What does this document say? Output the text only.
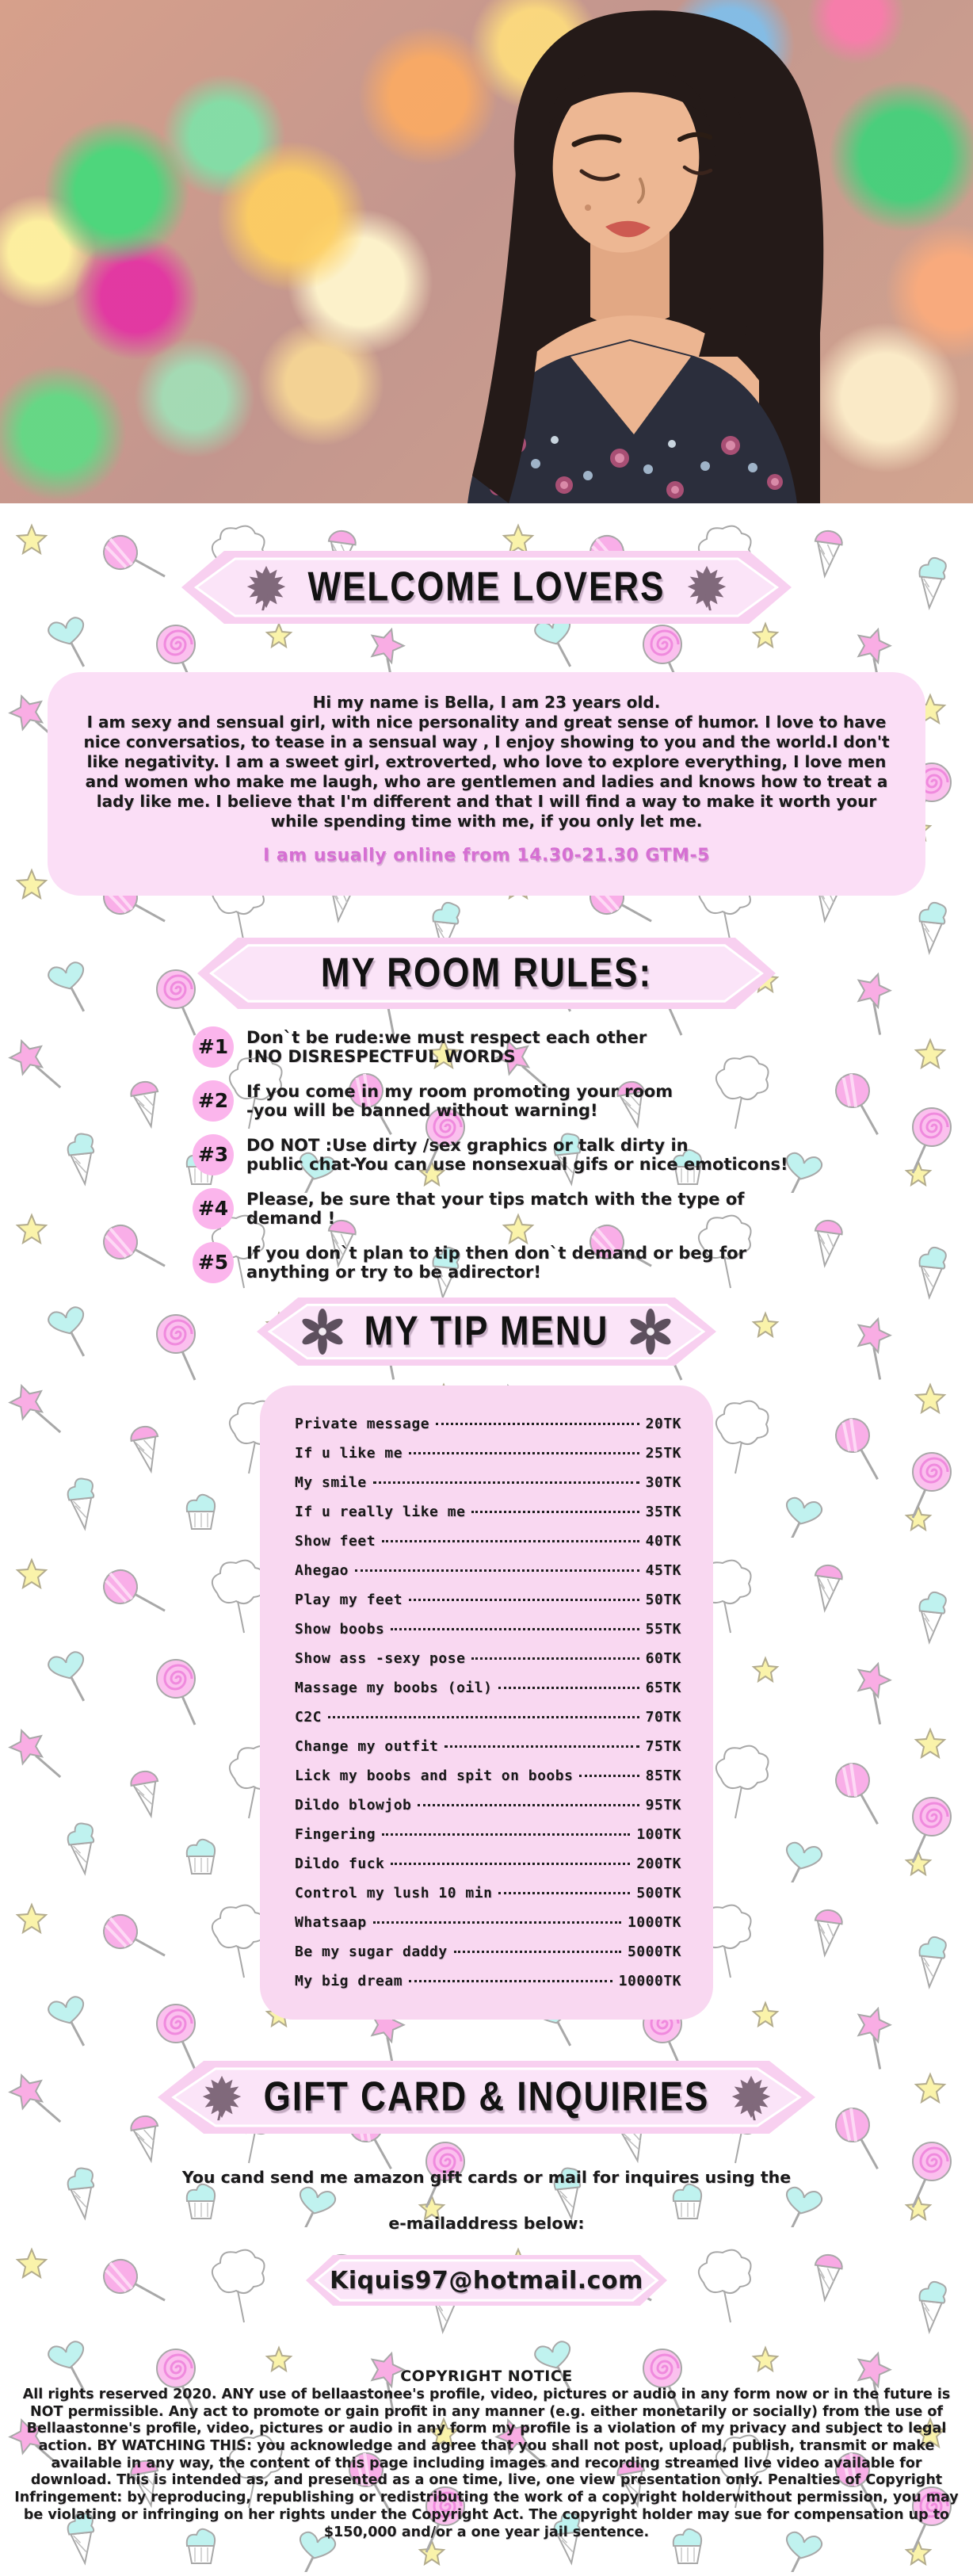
WELCOME LOVERS
Hi my name is Bella, I am 23 years old.
I am sexy and sensual girl, with nice personality and great sense of humor. I love to have nice conversatios, to tease in a sensual way , I enjoy showing to you and the world.I don't like negativity. I am a sweet girl, extroverted, who love to explore everything, I love men and women who make me laugh, who are gentlemen and ladies and knows how to treat a lady like me. I believe that I'm different and that I will find a way to make it worth your while spending time with me, if you only let me.
I am usually online from 14.30-21.30 GTM-5
MY ROOM RULES:
#1	Don`t be rude:we must respect each other
!NO DISRESPECTFUL WORDS
#2	If you come in my room promoting your room
-you will be banned without warning!
#3	DO NOT :Use dirty /sex graphics or talk dirty in
public chat-You can use nonsexual gifs or nice emoticons!
#4	Please, be sure that your tips match with the type of
demand !
#5	If you don`t plan to tip then don`t demand or beg for
anything or try to be adirector!
MY TIP MENU
Private message	20TK
If u like me	25TK
My smile	30TK
If u really like me	35TK
Show feet	40TK
Ahegao	45TK
Play my feet	50TK
Show boobs	55TK
Show ass -sexy pose	60TK
Massage my boobs (oil)	65TK
C2C	70TK
Change my outfit	75TK
Lick my boobs and spit on boobs	85TK
Dildo blowjob	95TK
Fingering	100TK
Dildo fuck	200TK
Control my lush 10 min	500TK
Whatsaap	1000TK
Be my sugar daddy	5000TK
My big dream	10000TK
GIFT CARD & INQUIRIES
You cand send me amazon gift cards or mail for inquires using the
e-mailaddress below:
Kiquis97@hotmail.com
COPYRIGHT NOTICE
All rights reserved 2020. ANY use of bellaastonee's profile, video, pictures or audio in any form now or in the future is NOT permissible. Any act to promote or gain profit in any manner (e.g. either monetarily or socially) from the use of Bellaastonne's profile, video, pictures or audio in any form my profile is a violation of my privacy and subject to legal action. BY WATCHING THIS: you acknowledge and agree that you shall not post, upload, publish, transmit or make available in any way, the content of this page including images and recording streamed live video available for download. This is intended as, and presented as a one time, live, one view presentation only. Penalties of Copyright Infringement: by reproducing, republishing or redistributing the work of a copyright holderwithout permission, you may be violating or infringing on her rights under the Copyright Act. The copyright holder may sue for compensation up to $150,000 and/or a one year jail sentence.
